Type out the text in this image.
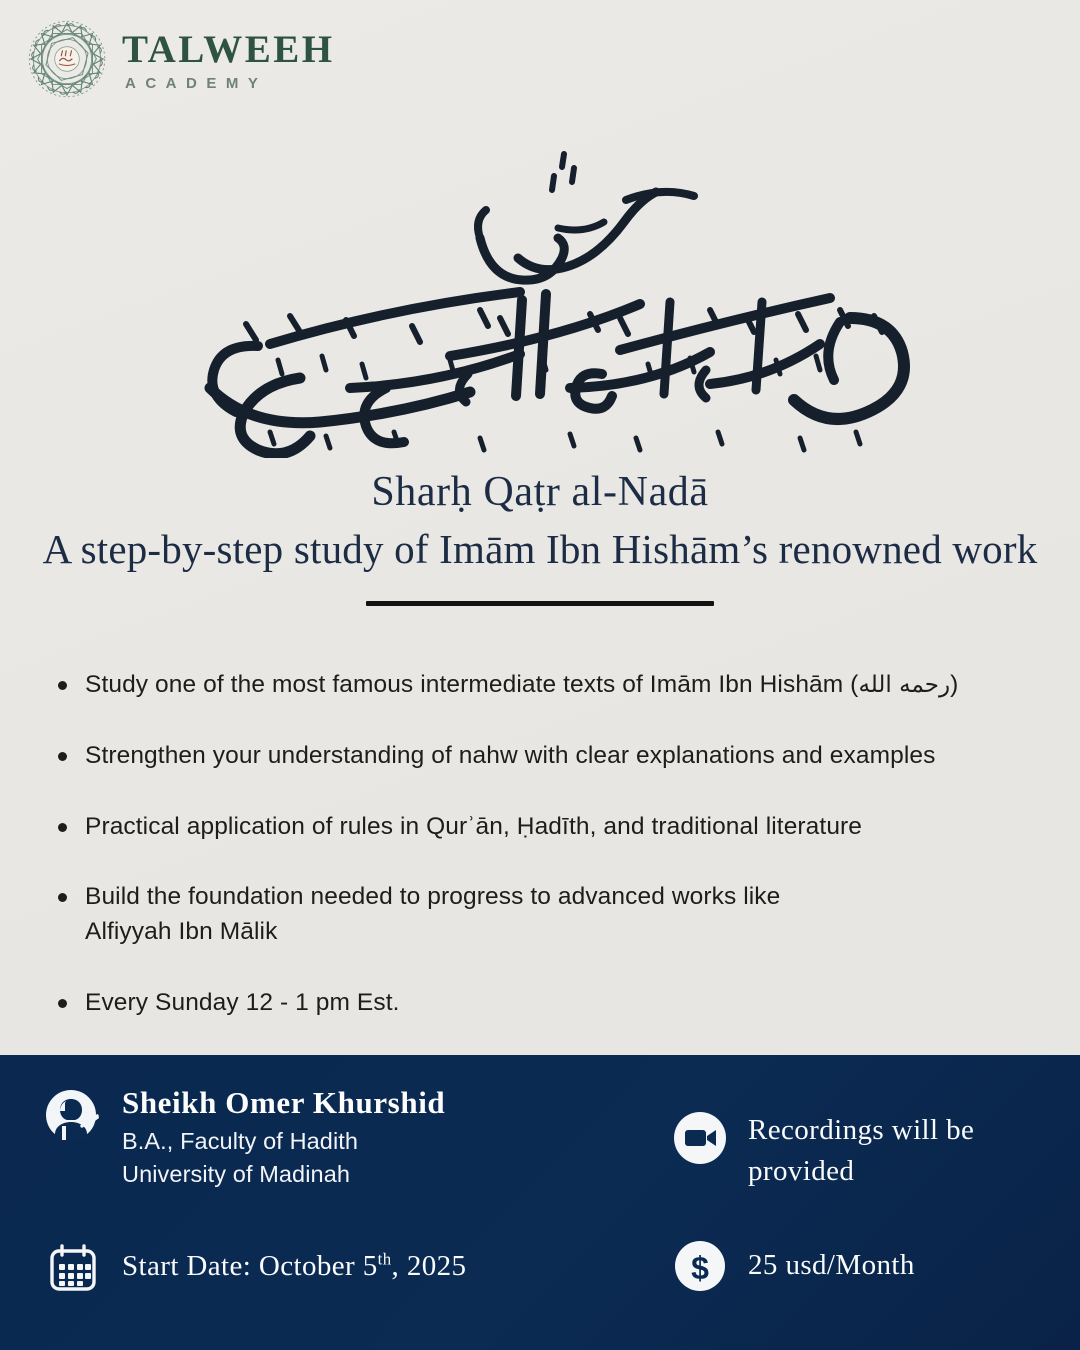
TALWEEH
ACADEMY
Sharḥ Qaṭr al-Nadā
A step-by-step study of Imām Ibn Hishām’s renowned work
Study one of the most famous intermediate texts of Imām Ibn Hishām (رحمه الله)
Strengthen your understanding of nahw with clear explanations and examples
Practical application of rules in Qurʾān, Ḥadīth, and traditional literature
Build the foundation needed to progress to advanced works like Alfiyyah Ibn Mālik
Every Sunday 12 - 1 pm Est.
Sheikh Omer Khurshid
B.A., Faculty of Hadith
University of Madinah
Recordings will be
provided
Start Date: October 5th, 2025	$ 25 usd/Month
